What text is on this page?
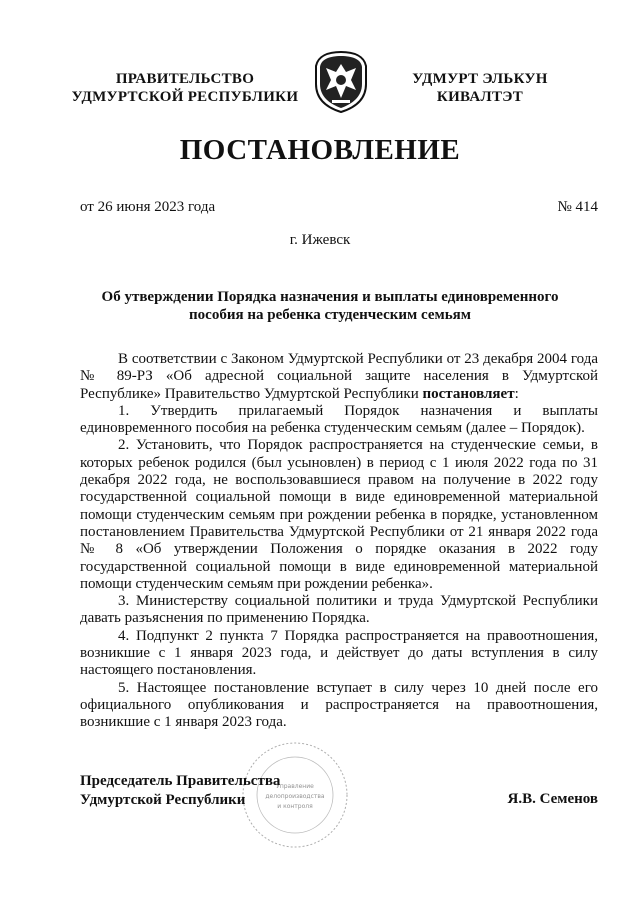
ПРАВИТЕЛЬСТВО
УДМУРТСКОЙ РЕСПУБЛИКИ
УДМУРТ ЭЛЬКУН
КИВАЛТЭТ
ПОСТАНОВЛЕНИЕ
от 26 июня 2023 года	№ 414
г. Ижевск
Об утверждении Порядка назначения и выплаты единовременного
пособия на ребенка студенческим семьям

В соответствии с Законом Удмуртской Республики от 23 декабря 2004 года № 89-РЗ «Об адресной социальной защите населения в Удмуртской Республике» Правительство Удмуртской Республики постановляет:

1. Утвердить прилагаемый Порядок назначения и выплаты единовременного пособия на ребенка студенческим семьям (далее – Порядок).

2. Установить, что Порядок распространяется на студенческие семьи, в которых ребенок родился (был усыновлен) в период с 1 июля 2022 года по 31 декабря 2022 года, не воспользовавшиеся правом на получение в 2022 году государственной социальной помощи в виде единовременной материальной помощи студенческим семьям при рождении ребенка в порядке, установленном постановлением Правительства Удмуртской Республики от 21 января 2022 года № 8 «Об утверждении Положения о порядке оказания в 2022 году государственной социальной помощи в виде единовременной материальной помощи студенческим семьям при рождении ребенка».

3. Министерству социальной политики и труда Удмуртской Республики давать разъяснения по применению Порядка.

4. Подпункт 2 пункта 7 Порядка распространяется на правоотношения, возникшие с 1 января 2023 года, и действует до даты вступления в силу настоящего постановления.

5. Настоящее постановление вступает в силу через 10 дней после его официального опубликования и распространяется на правоотношения, возникшие с 1 января 2023 года.

Управление
делопроизводства
и контроля
Председатель Правительства
Удмуртской Республики	Я.В. Семенов
